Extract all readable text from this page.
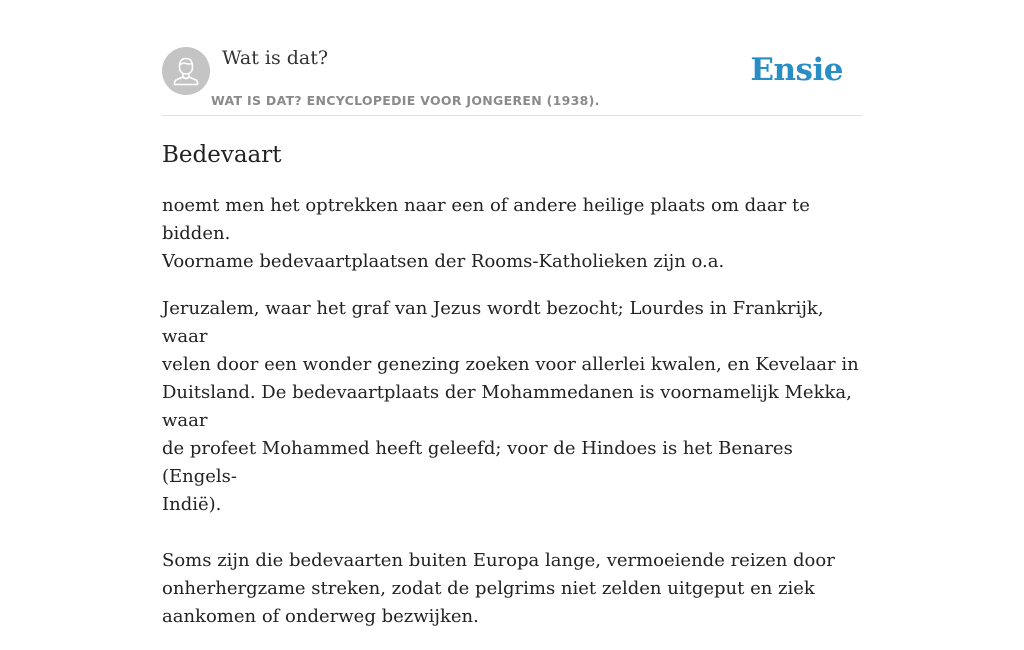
Wat is dat?
WAT IS DAT? ENCYCLOPEDIE VOOR JONGEREN (1938).
Ensie
Bedevaart

noemt men het optrekken naar een of andere heilige plaats om daar te bidden.
Voorname bedevaartplaatsen der Rooms-Katholieken zijn o.a.

Jeruzalem, waar het graf van Jezus wordt bezocht; Lourdes in Frankrijk, waar
velen door een wonder genezing zoeken voor allerlei kwalen, en Kevelaar in
Duitsland. De bedevaartplaats der Mohammedanen is voornamelijk Mekka, waar
de profeet Mohammed heeft geleefd; voor de Hindoes is het Benares (Engels-
Indië).

Soms zijn die bedevaarten buiten Europa lange, vermoeiende reizen door
onherhergzame streken, zodat de pelgrims niet zelden uitgeput en ziek
aankomen of onderweg bezwijken.
